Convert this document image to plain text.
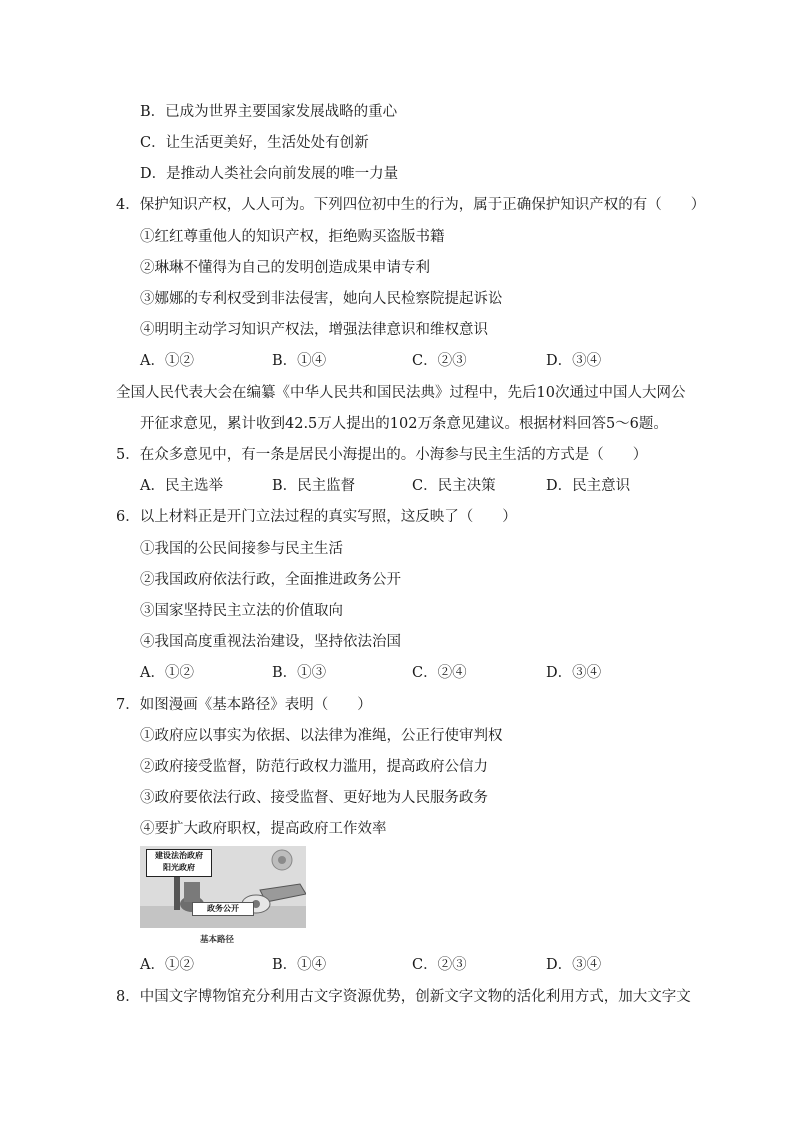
B．已成为世界主要国家发展战略的重心
C．让生活更美好，生活处处有创新
D．是推动人类社会向前发展的唯一力量
4．保护知识产权，人人可为。下列四位初中生的行为，属于正确保护知识产权的有（　　）
①红红尊重他人的知识产权，拒绝购买盗版书籍
②琳琳不懂得为自己的发明创造成果申请专利
③娜娜的专利权受到非法侵害，她向人民检察院提起诉讼
④明明主动学习知识产权法，增强法律意识和维权意识
A．①②	B．①④	C．②③	D．③④
全国人民代表大会在编纂《中华人民共和国民法典》过程中，先后10次通过中国人大网公
开征求意见，累计收到42.5万人提出的102万条意见建议。根据材料回答5～6题。
5．在众多意见中，有一条是居民小海提出的。小海参与民主生活的方式是（　　）
A．民主选举	B．民主监督	C．民主决策	D．民主意识
6．以上材料正是开门立法过程的真实写照，这反映了（　　）
①我国的公民间接参与民主生活
②我国政府依法行政，全面推进政务公开
③国家坚持民主立法的价值取向
④我国高度重视法治建设，坚持依法治国
A．①②	B．①③	C．②④	D．③④
7．如图漫画《基本路径》表明（　　）
①政府应以事实为依据、以法律为准绳，公正行使审判权
②政府接受监督，防范行政权力滥用，提高政府公信力
③政府要依法行政、接受监督、更好地为人民服务政务
④要扩大政府职权，提高政府工作效率
建设法治政府
阳光政府
政务公开
基本路径
A．①②	B．①④	C．②③	D．③④
8．中国文字博物馆充分利用古文字资源优势，创新文字文物的活化利用方式，加大文字文
